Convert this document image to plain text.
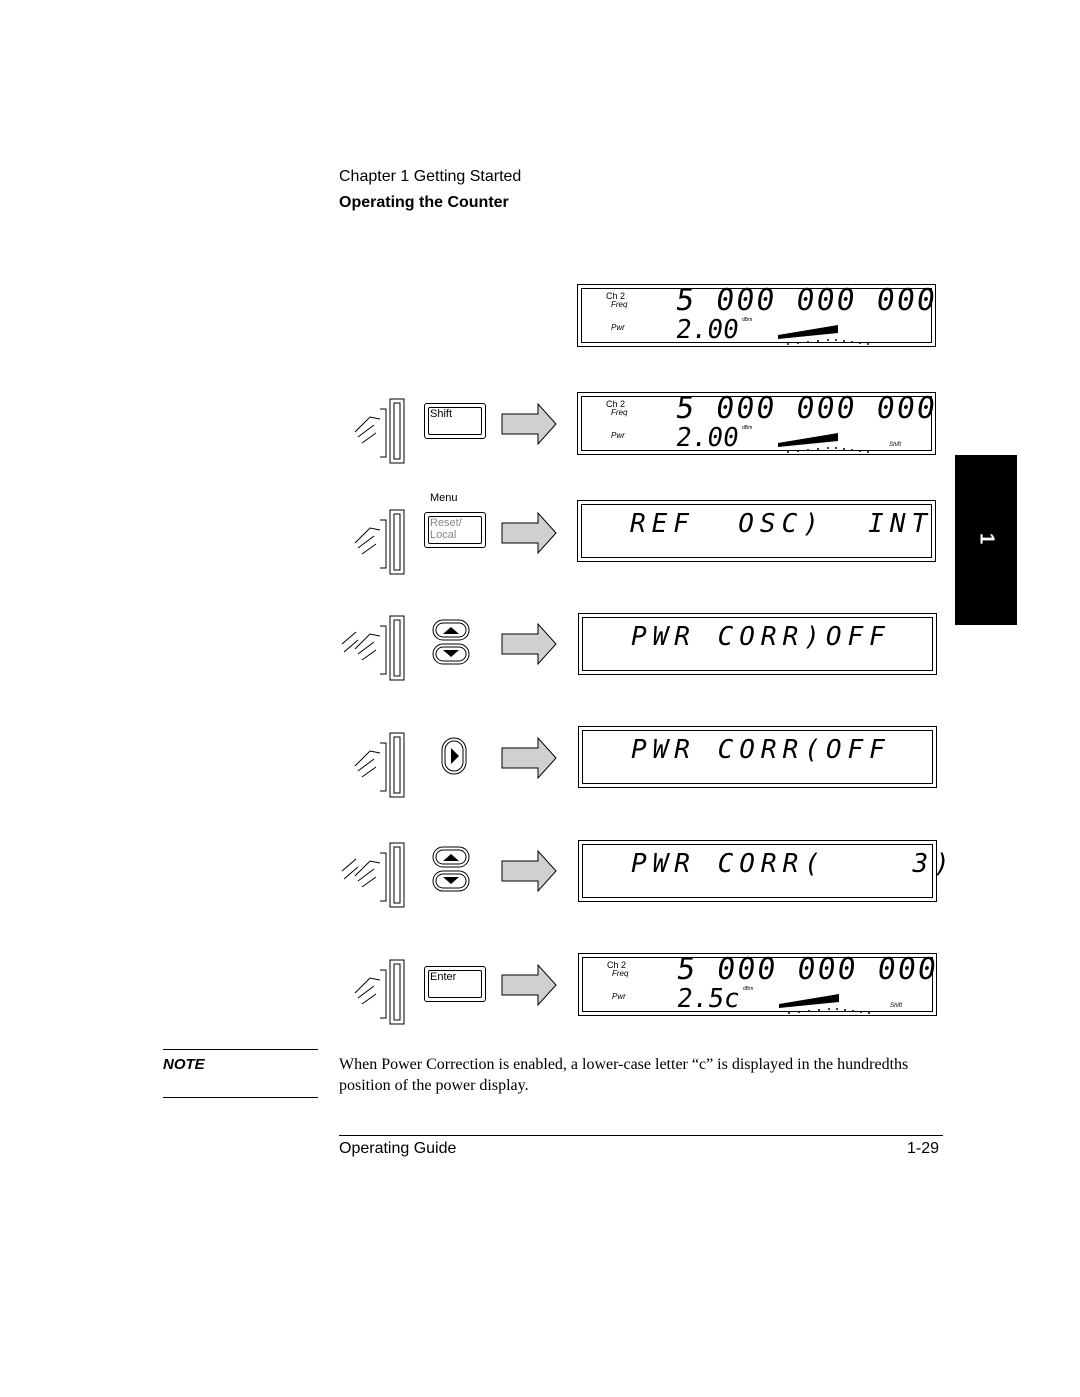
Chapter 1 Getting Started
Operating the Counter
1
Ch 2
Freq
Pwr
5 000 000 000
2.00 dBm
Shift
Ch 2
Freq
Pwr
5 000 000 000
2.00 dBm
Shift
Menu
Reset/
Local	REF  OSC)  INT
PWR CORR)OFF
PWR CORR(OFF
PWR CORR(    3)
Enter
Ch 2
Freq
Pwr
5 000 000 000
2.5c dBm
Shift
NOTE	When Power Correction is enabled, a lower-case letter “c” is displayed in the hundredths position of the power display.
Operating Guide	1-29
